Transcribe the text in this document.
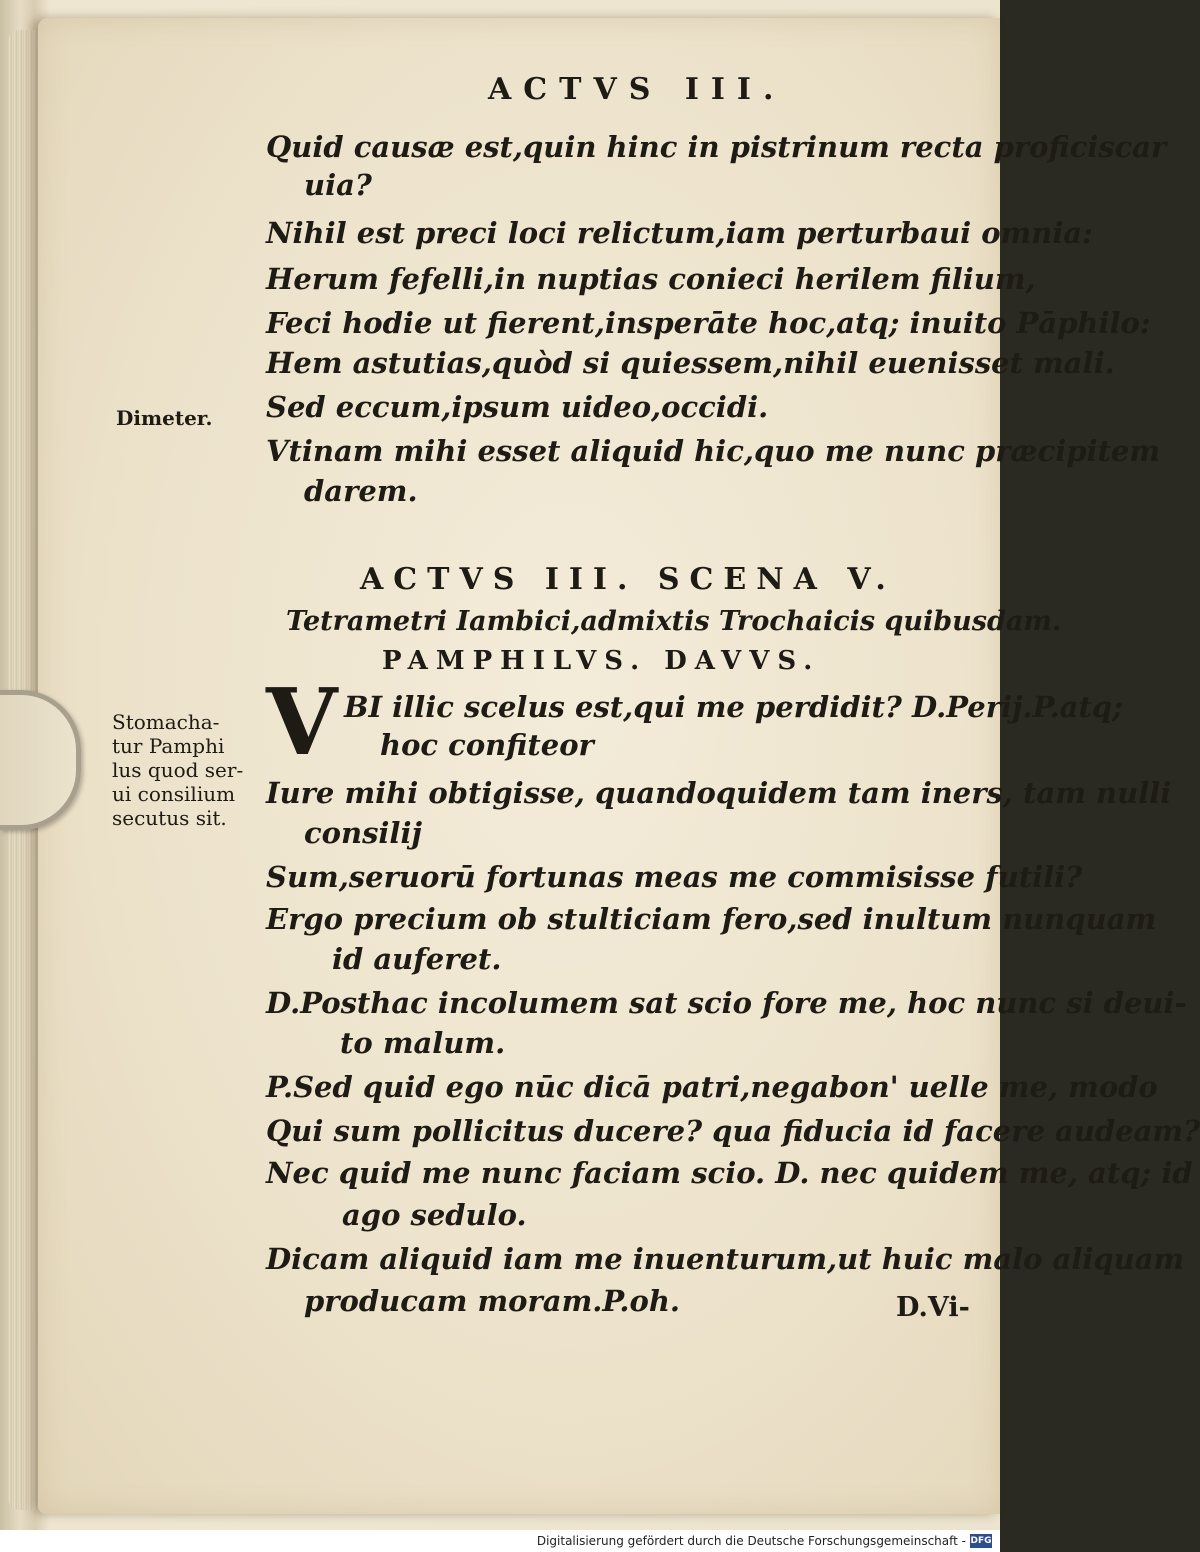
ACTVS III.
Quid causæ est,quin hinc in pistrinum recta proficiscar
uia?
Nihil est preci loci relictum,iam perturbaui omnia:
Herum fefelli,in nuptias conieci herilem filium,
Feci hodie ut fierent,insperāte hoc,atq; inuito Pāphilo:
Hem astutias,quòd si quiessem,nihil euenisset mali.
Sed eccum,ipsum uideo,occidi.
Vtinam mihi esset aliquid hic,quo me nunc præcipitem
darem.
Dimeter.
ACTVS III. SCENA V.
Tetrametri Iambici,admixtis Trochaicis quibusdam.
PAMPHILVS. DAVVS.
V BI illic scelus est,qui me perdidit? D.Perij.P.atq;
hoc confiteor
Iure mihi obtigisse, quandoquidem tam iners, tam nulli
consilij
Sum,seruorū fortunas meas me commisisse futili?
Ergo precium ob stulticiam fero,sed inultum nunquam
id auferet.
D.Posthac incolumem sat scio fore me, hoc nunc si deui-
to malum.
P.Sed quid ego nūc dicā patri,negabon' uelle me, modo
Qui sum pollicitus ducere? qua fiducia id facere audeam?
Nec quid me nunc faciam scio. D. nec quidem me, atq; id
ago sedulo.
Dicam aliquid iam me inuenturum,ut huic malo aliquam
producam moram.P.oh.
Stomacha-
tur Pamphi
lus quod ser-
ui consilium
secutus sit.
D.Vi-
Digitalisierung gefördert durch die Deutsche Forschungsgemeinschaft - DFG
